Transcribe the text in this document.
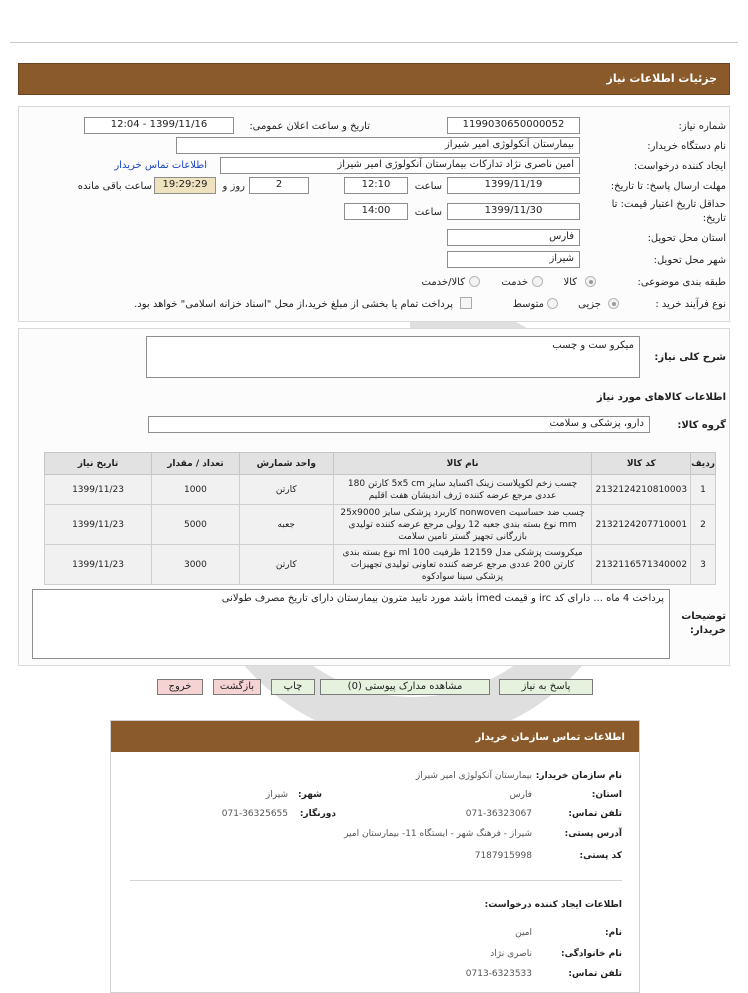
جزئیات اطلاعات نیاز
شماره نیاز:
1199030650000052
تاریخ و ساعت اعلان عمومی:
1399/11/16 - 12:04
نام دستگاه خریدار:
بیمارستان آنکولوژی امیر شیراز
ایجاد کننده درخواست:
امین ناصری نژاد تدارکات بیمارستان آنکولوژی امیر شیراز
اطلاعات تماس خریدار
مهلت ارسال پاسخ: تا تاریخ:
1399/11/19
ساعت
12:10
2
روز و
19:29:29
ساعت باقی مانده
حداقل تاریخ اعتبار قیمت: تا تاریخ:
1399/11/30
ساعت
14:00
استان محل تحویل:
فارس
شهر محل تحویل:
شیراز
طبقه بندی موضوعی:
کالا
خدمت
کالا/خدمت
نوع فرآیند خرید :
جزیی
متوسط
پرداخت تمام یا بخشی از مبلغ خرید،از محل "اسناد خزانه اسلامی" خواهد بود.
شرح کلی نیاز:
میکرو ست و چسب
اطلاعات کالاهای مورد نیاز
گروه کالا:
دارو، پزشکی و سلامت
ردیف	کد کالا	نام کالا	واحد شمارش	تعداد / مقدار	تاریخ نیاز
1	2132124210810003	چسب زخم لکوپلاست زینک اکساید سایز 5x5 cm کارتن 180 عددی مرجع عرضه کننده ژرف اندیشان هفت اقلیم	کارتن	1000	1399/11/23
2	2132124207710001	چسب ضد حساسیت nonwoven کاربرد پزشکی سایز 25x9000 mm نوع بسته بندی جعبه 12 رولی مرجع عرضه کننده تولیدی بازرگانی تجهیز گستر تامین سلامت	جعبه	5000	1399/11/23
3	2132116571340002	میکروست پزشکی مدل 12159 ظرفیت 100 ml نوع بسته بندی کارتن 200 عددی مرجع عرضه کننده تعاونی تولیدی تجهیزات پزشکی سینا سوادکوه	کارتن	3000	1399/11/23
توضیحات خریدار:
پرداخت 4 ماه ... دارای کد irc و قیمت imed باشد مورد تایید مترون بیمارستان دارای تاریخ مصرف طولانی
پاسخ به نیاز
مشاهده مدارک پیوستی (0)
چاپ
بازگشت
خروج
اطلاعات تماس سازمان خریدار
نام سازمان خریدار:
بیمارستان آنکولوژی امیر شیراز
استان:
فارس
شهر:
شیراز
تلفن تماس:
071-36323067
دورنگار:
071-36325655
آدرس پستی:
شیراز - فرهنگ شهر - ایستگاه 11- بیمارستان امیر
کد پستی:
7187915998
اطلاعات ایجاد کننده درخواست:
نام:
امین
نام خانوادگی:
ناصری نژاد
تلفن تماس:
0713-6323533
